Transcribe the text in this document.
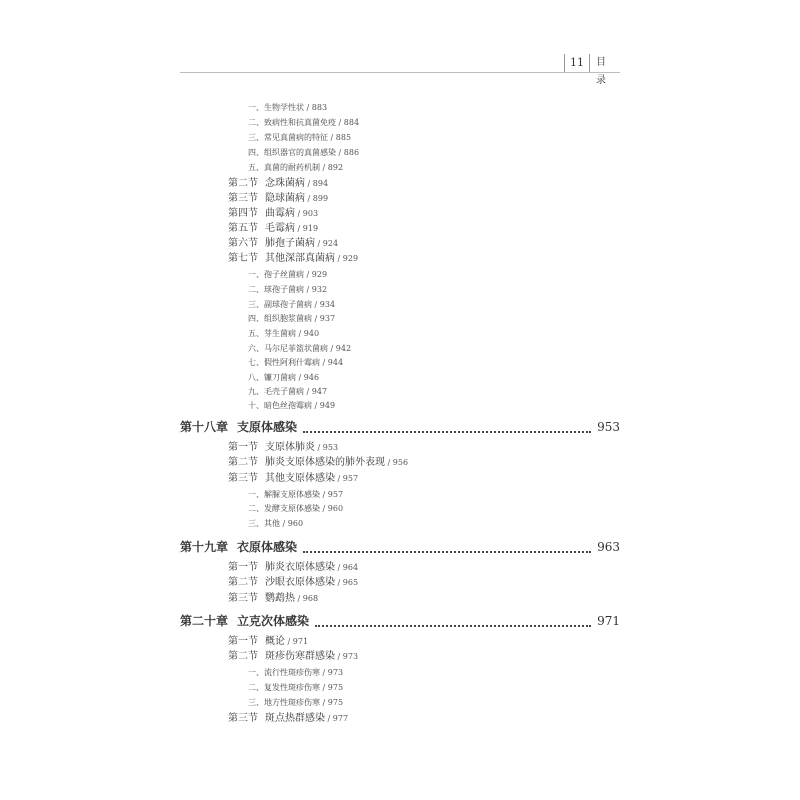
11	目录
一、生物学性状 / 883
二、致病性和抗真菌免疫 / 884
三、常见真菌病的特征 / 885
四、组织器官的真菌感染 / 886
五、真菌的耐药机制 / 892
第二节 念珠菌病 / 894
第三节 隐球菌病 / 899
第四节 曲霉病 / 903
第五节 毛霉病 / 919
第六节 肺孢子菌病 / 924
第七节 其他深部真菌病 / 929
一、孢子丝菌病 / 929
二、球孢子菌病 / 932
三、副球孢子菌病 / 934
四、组织胞浆菌病 / 937
五、芽生菌病 / 940
六、马尔尼菲篮状菌病 / 942
七、假性阿利什霉病 / 944
八、镰刀菌病 / 946
九、毛壳子菌病 / 947
十、暗色丝孢霉病 / 949
第十八章 支原体感染	953
第一节 支原体肺炎 / 953
第二节 肺炎支原体感染的肺外表现 / 956
第三节 其他支原体感染 / 957
一、解脲支原体感染 / 957
二、发酵支原体感染 / 960
三、其他 / 960
第十九章 衣原体感染	963
第一节 肺炎衣原体感染 / 964
第二节 沙眼衣原体感染 / 965
第三节 鹦鹉热 / 968
第二十章 立克次体感染	971
第一节 概论 / 971
第二节 斑疹伤寒群感染 / 973
一、流行性斑疹伤寒 / 973
二、复发性斑疹伤寒 / 975
三、地方性斑疹伤寒 / 975
第三节 斑点热群感染 / 977
